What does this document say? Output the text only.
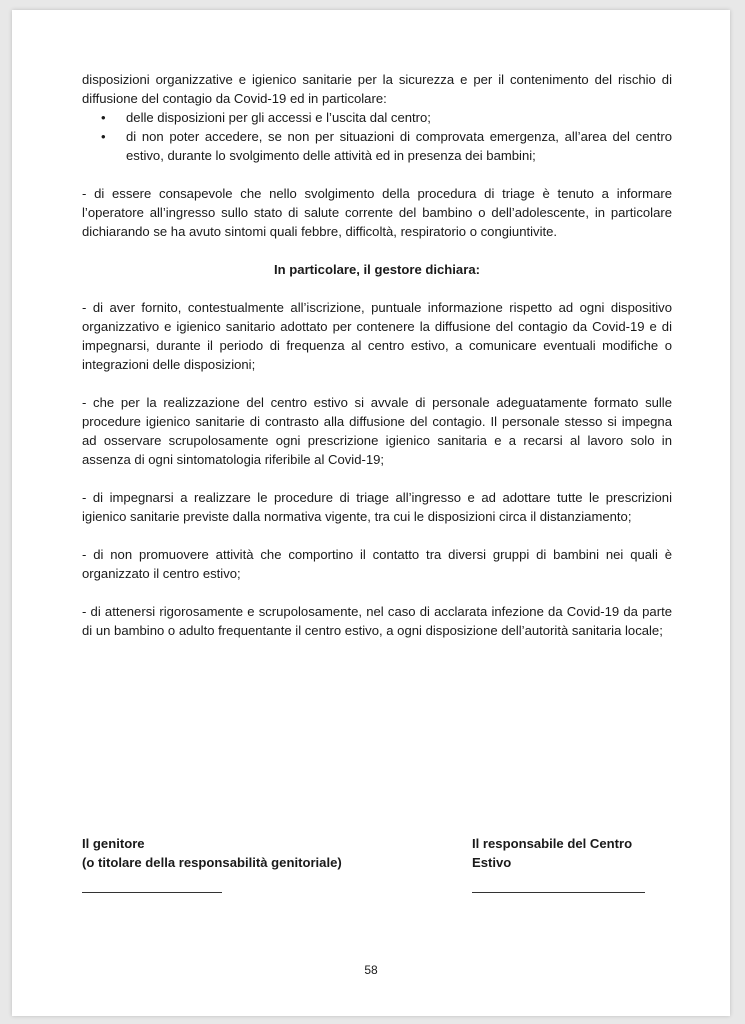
disposizioni organizzative e igienico sanitarie per la sicurezza e per il contenimento del rischio di diffusione del contagio da Covid-19 ed in particolare:

• delle disposizioni per gli accessi e l’uscita dal centro;
• di non poter accedere, se non per situazioni di comprovata emergenza, all’area del centro estivo, durante lo svolgimento delle attività ed in presenza dei bambini;

- di essere consapevole che nello svolgimento della procedura di triage è tenuto a informare l’operatore all’ingresso sullo stato di salute corrente del bambino o dell’adolescente, in particolare dichiarando se ha avuto sintomi quali febbre, difficoltà, respiratorio o congiuntivite.

In particolare, il gestore dichiara:

- di aver fornito, contestualmente all’iscrizione, puntuale informazione rispetto ad ogni dispositivo organizzativo e igienico sanitario adottato per contenere la diffusione del contagio da Covid-19 e di impegnarsi, durante il periodo di frequenza al centro estivo, a comunicare eventuali modifiche o integrazioni delle disposizioni;

- che per la realizzazione del centro estivo si avvale di personale adeguatamente formato sulle procedure igienico sanitarie di contrasto alla diffusione del contagio. Il personale stesso si impegna ad osservare scrupolosamente ogni prescrizione igienico sanitaria e a recarsi al lavoro solo in assenza di ogni sintomatologia riferibile al Covid-19;

- di impegnarsi a realizzare le procedure di triage all’ingresso e ad adottare tutte le prescrizioni igienico sanitarie previste dalla normativa vigente, tra cui le disposizioni circa il distanziamento;

- di non promuovere attività che comportino il contatto tra diversi gruppi di bambini nei quali è organizzato il centro estivo;

- di attenersi rigorosamente e scrupolosamente, nel caso di acclarata infezione da Covid-19 da parte di un bambino o adulto frequentante il centro estivo, a ogni disposizione dell’autorità sanitaria locale;

Il genitore
(o titolare della responsabilità genitoriale)
Il responsabile del Centro
Estivo
58
